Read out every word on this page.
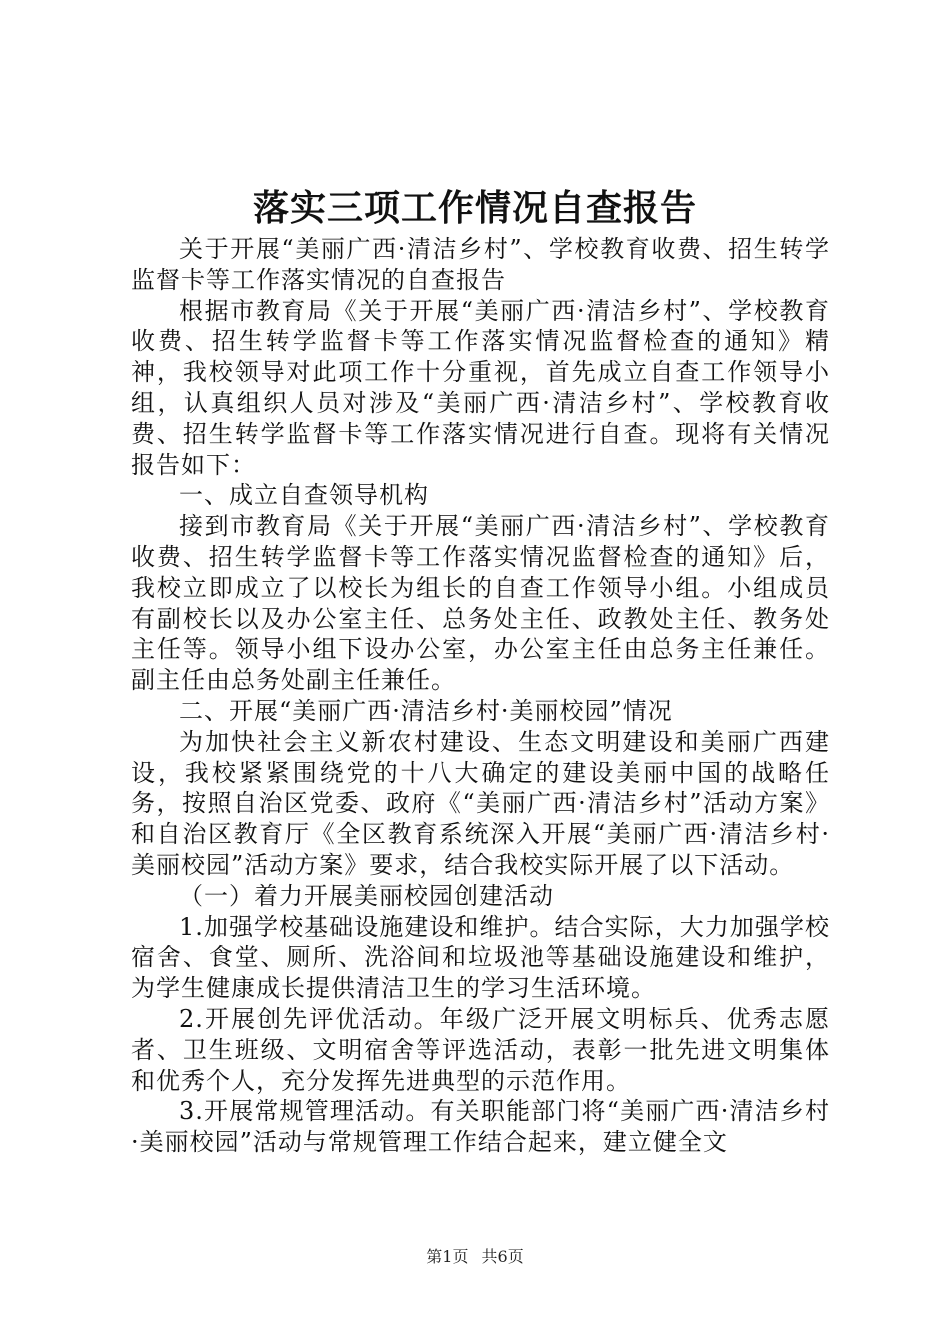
落实三项工作情况自查报告

关于开展“美丽广西·清洁乡村”、学校教育收费、招生转学监督卡等工作落实情况的自查报告

根据市教育局《关于开展“美丽广西·清洁乡村”、学校教育收费、招生转学监督卡等工作落实情况监督检查的通知》精神，我校领导对此项工作十分重视，首先成立自查工作领导小组，认真组织人员对涉及“美丽广西·清洁乡村”、学校教育收费、招生转学监督卡等工作落实情况进行自查。现将有关情况报告如下：

一、成立自查领导机构

接到市教育局《关于开展“美丽广西·清洁乡村”、学校教育收费、招生转学监督卡等工作落实情况监督检查的通知》后，我校立即成立了以校长为组长的自查工作领导小组。小组成员有副校长以及办公室主任、总务处主任、政教处主任、教务处主任等。领导小组下设办公室，办公室主任由总务主任兼任。副主任由总务处副主任兼任。

二、开展“美丽广西·清洁乡村·美丽校园”情况

为加快社会主义新农村建设、生态文明建设和美丽广西建设，我校紧紧围绕党的十八大确定的建设美丽中国的战略任务，按照自治区党委、政府《“美丽广西·清洁乡村”活动方案》和自治区教育厅《全区教育系统深入开展“美丽广西·清洁乡村·美丽校园”活动方案》要求，结合我校实际开展了以下活动。

（一）着力开展美丽校园创建活动

1.加强学校基础设施建设和维护。结合实际，大力加强学校宿舍、食堂、厕所、洗浴间和垃圾池等基础设施建设和维护，为学生健康成长提供清洁卫生的学习生活环境。

2.开展创先评优活动。年级广泛开展文明标兵、优秀志愿者、卫生班级、文明宿舍等评选活动，表彰一批先进文明集体和优秀个人，充分发挥先进典型的示范作用。

3.开展常规管理活动。有关职能部门将“美丽广西·清洁乡村·美丽校园”活动与常规管理工作结合起来，建立健全文

第1页 共6页
